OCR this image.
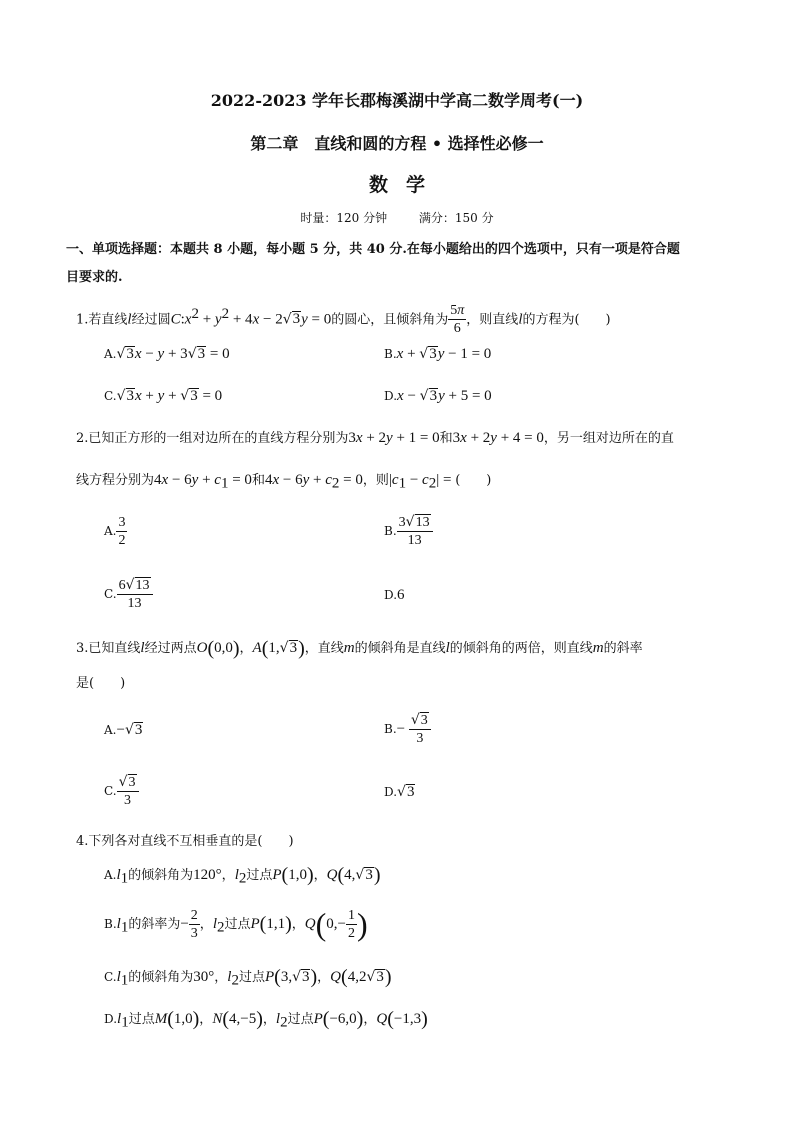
2022-2023 学年长郡梅溪湖中学高二数学周考(一)
第二章　直线和圆的方程 • 选择性必修一
数学
时量：120 分钟	满分：150 分
一、单项选择题：本题共 8 小题，每小题 5 分，共 40 分.在每小题给出的四个选项中，只有一项是符合题
目要求的.
1.若直线l经过圆$C:x^2 + y^2 + 4x - 2√3y = 0$的圆心，且倾斜角为 $\frac{5\pi}{6}$ ，则直线l的方程为(　　)
A.√3x − y + 3√3 = 0	B.x + √3y − 1 = 0
C.√3x + y + √3 = 0	D.x − √3y + 5 = 0
2.已知正方形的一组对边所在的直线方程分别为3x + 2y + 1 = 0和3x + 2y + 4 = 0，另一组对边所在的直
线方程分别为$4x - 6y + c_1 = 0$和$4x - 6y + c_2 = 0$，则$|c_1 - c_2|$ = (　　)
A. $\frac{3}{2}$	B. $\frac{3√13}{13}$
C. $\frac{6√13}{13}$	D.6
3.已知直线l经过两点O(0,0)，A(1,√3)，直线m的倾斜角是直线l的倾斜角的两倍，则直线m的斜率
是(　　)
A.−√3	$B.- \frac{√3}{3}$
C. $\frac{√3}{3}$	D.√3
4.下列各对直线不互相垂直的是(　　)
$A.l_1$的倾斜角为120°，$l_2$过点P(1,0)，Q(4,√3)
$B.l_1$的斜率为− $\frac{2}{3}$ ，$l_2$过点P(1,1)，$Q(0,- \frac{1}{2}$ )
$C.l_1$的倾斜角为30°，$l_2$过点P(3,√3)，Q(4,2√3)
$D.l_1$过点M(1,0)，N(4,−5)，$l_2$过点P(−6,0)，Q(−1,3)
